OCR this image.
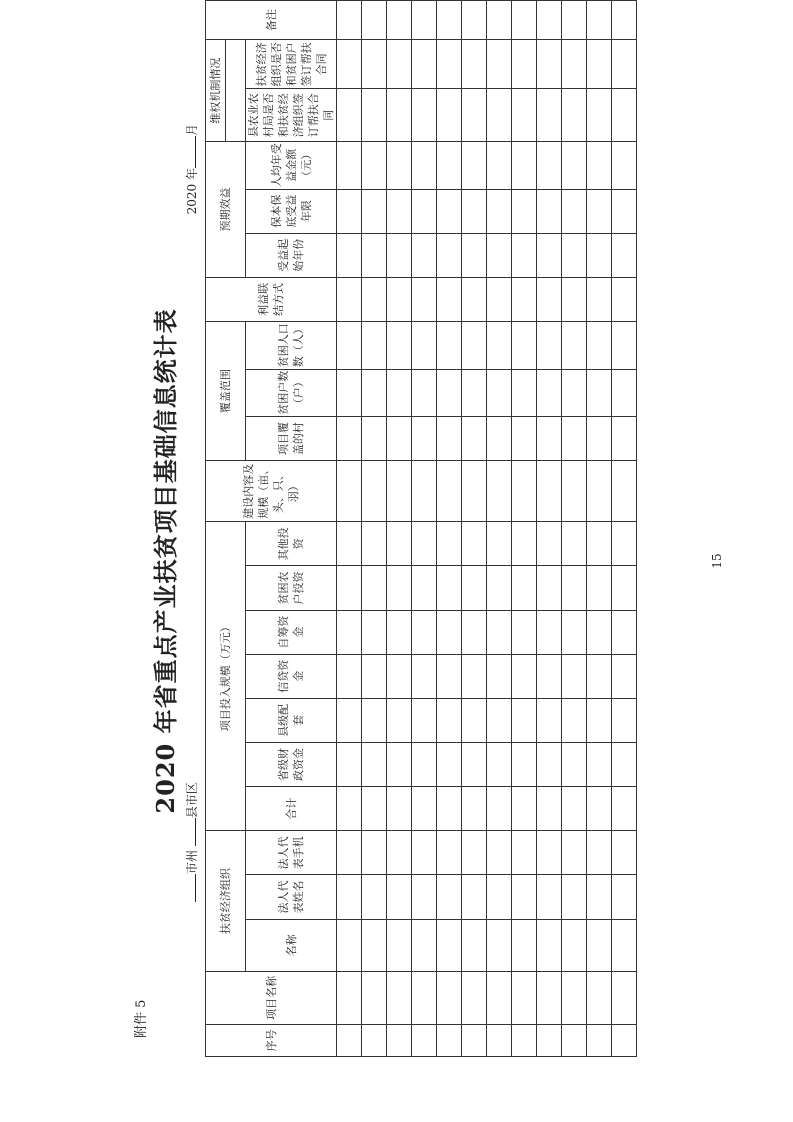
附件 5
2020 年省重点产业扶贫项目基础信息统计表
市州 县市区
2020 年月
序号	项目名称	扶贫经济组织			项目投入规模（万元）							建设内容及规模（亩、头、只、羽）	覆盖范围			利益联结方式	预期效益			维权机制情况		备注

		名称	法人代表姓名	法人代表手机	合计	省级财政资金	县级配套	信贷资金	自筹资金	贫困农户投资	其他投资		项目覆盖的村	贫困户数（户）	贫困人口数（人）		受益起始年份	保本保底受益年限	人均年受益金额（元）	县农业农村局是否和扶贫经济组织签订帮扶合同	扶贫经济组织是否和贫困户签订帮扶合同	

15
